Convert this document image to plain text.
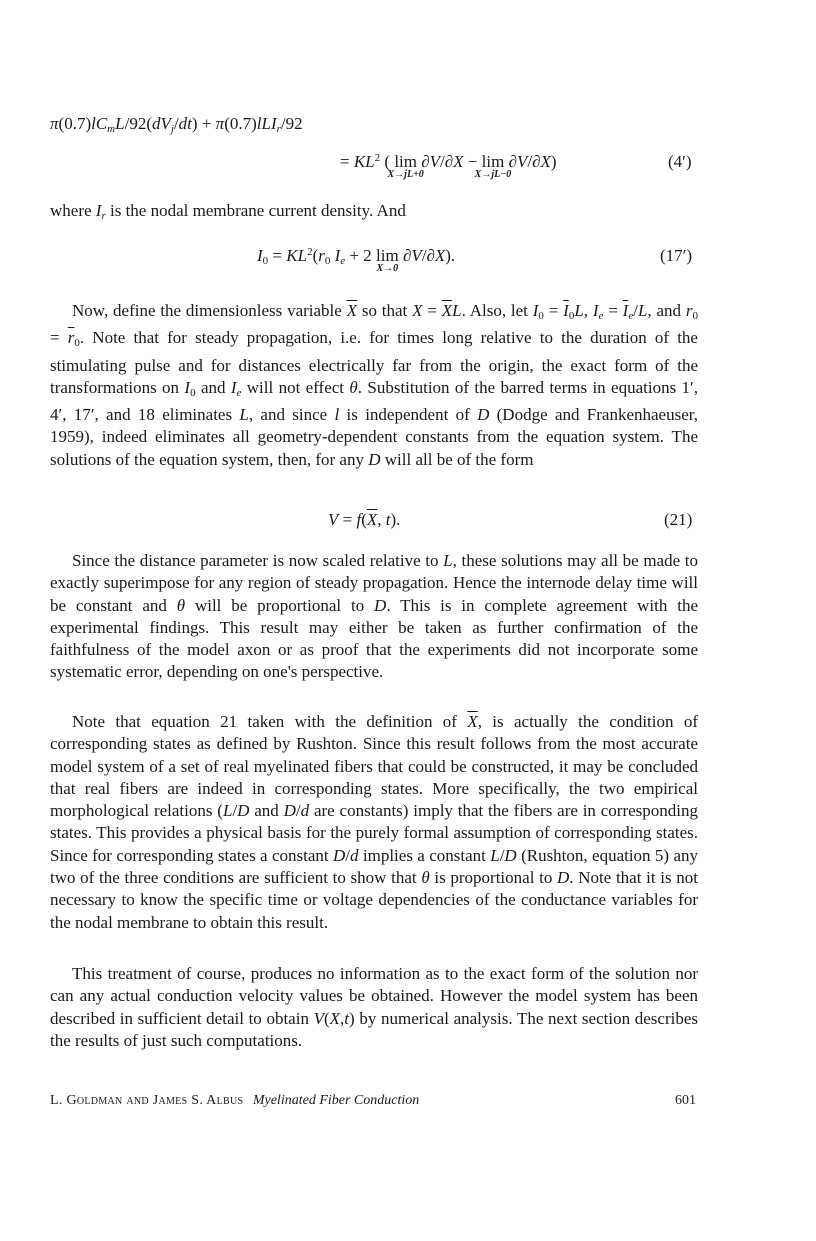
$\pi(0.7)lC_mL/92(dV_j/dt) + \pi(0.7)lLI_r/92$
= $KL^2$ ( lim
X→jL+0
∂V/∂X − lim
X→jL−0
∂V/∂X)	(4′)

where $I_r$ is the nodal membrane current density. And

$I_0 = KL^2(r_0$ $I_e + 2$ lim
X→0
∂V/∂X).	(17′)

Now, define the dimensionless variable $\overline{X}$ so that $X = \overline{X}L$. Also, let $I_0 = \overline{I}_0L$, $I_e = \overline{I}_e/L$, and $r_0 = \overline{r}_0$. Note that for steady propagation, i.e. for times long relative to the duration of the stimulating pulse and for distances electrically far from the origin, the exact form of the transformations on $I_0$ and $I_e$ will not effect θ. Substitution of the barred terms in equations 1′, 4′, 17′, and 18 eliminates L, and since l is independent of D (Dodge and Frankenhaeuser, 1959), indeed eliminates all geometry-dependent constants from the equation system. The solutions of the equation system, then, for any D will all be of the form

$V = f(\overline{X}$, t).	(21)

Since the distance parameter is now scaled relative to L, these solutions may all be made to exactly superimpose for any region of steady propagation. Hence the internode delay time will be constant and θ will be proportional to D. This is in complete agreement with the experimental findings. This result may either be taken as further confirmation of the faithfulness of the model axon or as proof that the experiments did not incorporate some systematic error, depending on one's perspective.

Note that equation 21 taken with the definition of $\overline{X}$, is actually the condition of corresponding states as defined by Rushton. Since this result follows from the most accurate model system of a set of real myelinated fibers that could be constructed, it may be concluded that real fibers are indeed in corresponding states. More specifically, the two empirical morphological relations (L/D and D/d are constants) imply that the fibers are in corresponding states. This provides a physical basis for the purely formal assumption of corresponding states. Since for corresponding states a constant D/d implies a constant L/D (Rushton, equation 5) any two of the three conditions are sufficient to show that θ is proportional to D. Note that it is not necessary to know the specific time or voltage dependencies of the conductance variables for the nodal membrane to obtain this result.

This treatment of course, produces no information as to the exact form of the solution nor can any actual conduction velocity values be obtained. However the model system has been described in sufficient detail to obtain V(X,t) by numerical analysis. The next section describes the results of just such computations.

L. Goldman and James S. Albus Myelinated Fiber Conduction	601
